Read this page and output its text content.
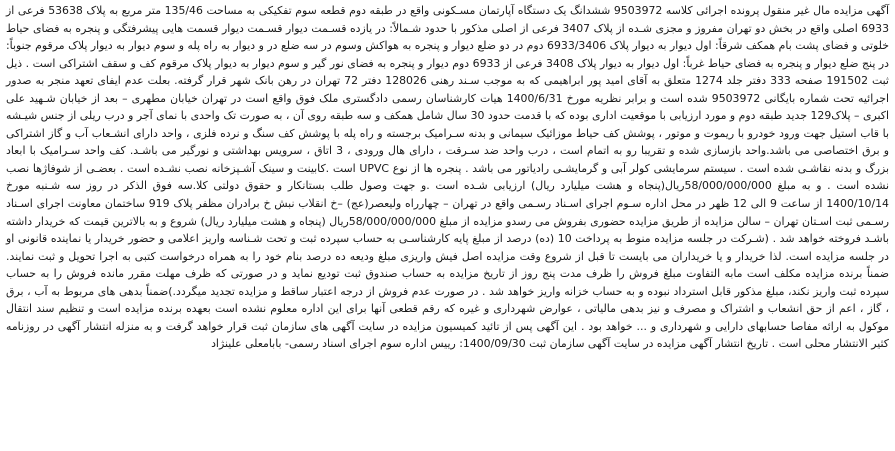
آگهی مزایده مال غیر منقول پرونده اجرائی کلاسه 9503972 ششدانگ یک دستگاه آپارتمان مسـکونی واقع در طبقه دوم قطعه سوم تفکیکی به مساحت 135/46 متر مربع به پلاک 53638 فرعی از 6933 اصلی واقع در بخش دو تهران مفروز و مجزی شـده از پلاک 3407 فرعی از اصلی مذکور با حدود شـمالاً: در یازده قسـمت دیوار قسـمت دیوار قسمت هایی پیشرفتگی و پنجره به فضای حیاط خلوتی و فضای پشت بام همکف شرقاً: اول دیوار به دیوار پلاک 6933/3406 دوم در دو ضلع دیوار و پنجره به هواکش وسوم در سه ضلع در و دیوار به راه پله و سوم دیوار به دیوار پلاک مرقوم جنوباً: در پنج ضلع دیوار و پنجره به فضای حیاط غرباً: اول دیوار به دیوار پلاک 3408 فرعی از 6933 دوم دیوار و پنجره به فضای نور گیر و سوم دیوار به دیوار پلاک مرقوم کف و سقف اشتراکی است . ذیل ثبت 191502 صفحه 333 دفتر جلد 1274 متعلق به آقای امید پور ابراهیمی که به موجب سـند رهنی 128026 دفتر 72 تهران در رهن بانک شهر قرار گرفته. بعلت عدم ایفای تعهد منجر به صدور اجرائیه تحت شماره بایگانی 9503972 شده است و برابر نظریه مورخ 1400/6/31 هیات کارشناسان رسمی دادگستری ملک فوق واقع است در تهران خیابان مطهری – بعد از خیابان شـهید علی اکبری – پلاک129 جدید طبقه دوم و مورد ارزیابی با موقعیت اداری بوده که با قدمت حدود 30 سال شامل همکف و سه طبقه روی آن ، به صورت تک واحدی با نمای آجر و درب ریلی از جنس شیـشه با قاب استیل جهت ورود خودرو با ریموت و موتور ، پوشش کف حیاط موزائیک سیمانی و بدنه سـرامیک برجسته و راه پله با پوشش کف سنگ و نرده فلزی ، واحد دارای انشـعاب آب و گاز اشتراکی و برق اختصاصی می باشد.واحد بازسازی شده و تقریبا رو به اتمام است ، درب واحد ضد سـرقت ، دارای هال ورودی ، 3 اتاق ، سرویس بهداشتی و نورگیر می باشـد. کف واحد سـرامیک با ابعاد بزرگ و بدنه نقاشـی شده است . سیستم سرمایشی کولر آبی و گرمایشـی رادیاتور می باشد . پنجره ها از نوع UPVC است .کابینت و سینک آشـپزخانه نصب نشـده است . بعضـی از شوفاژها نصب نشده است . و به مبلغ 58/000/000/000ریال(پنجاه و هشت میلیارد ریال) ارزیابی شـده است .و جهت وصول طلب بستانکار و حقوق دولتی کلا.سه فوق الذکر در روز سه شـنبه مورخ 1400/10/14 از ساعت 9 الی 12 ظهر در محل اداره سـوم اجرای اسـناد رسـمی واقع در تهران – چهارراه ولیعصر(عج) –خ انقلاب نبش خ برادران مظفر پلاک 919 ساختمان معاونت اجرای اسـناد رسـمی ثبت اسـتان تهران – سالن مزایده از طریق مزایده حضوری بفروش می رسدو مزایده از مبلغ 58/000/000/000ریال (پنجاه و هشت میلیارد ریال) شروع و به بالاترین قیمت که خریدار داشته باشـد فروخته خواهد شد . (شـرکت در جلسه مزایده منوط به پرداخت 10 (ده) درصد از مبلغ پایه کارشناسـی به حساب سپرده ثبت و تحت شـناسه واریز اعلامی و حضور خریدار یا نماینده قانونی او در جلسه مزایده است. لذا خریدار و یا خریداران می بایست تا قبل از شروع وقت مزایده اصل فیش واریزی مبلغ ودیعه ده درصد بنام خود را به همراه درخواست کتبی به اجرا تحویل و ثبت نمایند. ضمناً برنده مزایده مکلف است مابه التفاوت مبلغ فروش را ظرف مدت پنج روز از تاریخ مزایده به حساب صندوق ثبت تودیع نماید و در صورتی که ظرف مهلت مقرر مانده فروش را به حساب سپرده ثبت واریز نکند، مبلغ مذکور قابل استرداد نبوده و به حساب خزانه واریز خواهد شد . در صورت عدم فروش از درجه اعتبار ساقط و مزایده تجدید میگردد.)ضمناً بدهی های مربوط به آب ، برق ، گاز ، اعم از حق انشعاب و اشتراک و مصرف و نیز بدهی مالیاتی ، عوارض شهرداری و غیره که رقم قطعی آنها برای این اداره معلوم نشده است بعهده برنده مزایده است و تنظیم سند انتقال موکول به ارائه مفاصا حسابهای دارایی و شهرداری و ... خواهد بود . این آگهی پس از تائید کمیسیون مزایده در سایت آگهی های سازمان ثبت قرار خواهد گرفت و به منزله انتشار آگهی در روزنامه کثیر الانتشار محلی است . تاریخ انتشار آگهی مزایده در سایت آگهی سازمان ثبت 1400/09/30: رییس اداره سوم اجرای اسناد رسمی- بابامعلی علینژاد
